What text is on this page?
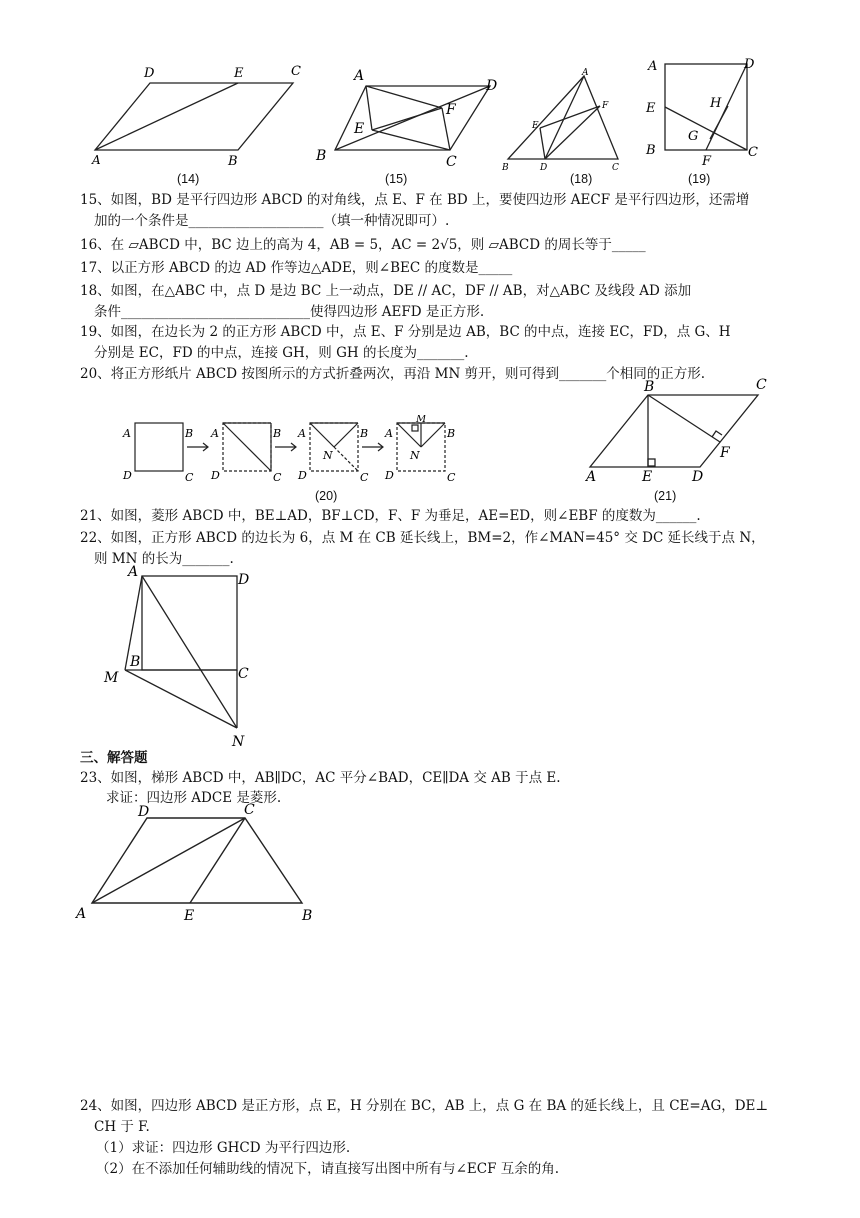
D	E	C
A	B
(14)
A
D
F
E
B	C
(15)
A
F
E
B	D	C
(18)
A	D
E	H
G
B	C
F
(19)
15、如图，BD 是平行四边形 ABCD 的对角线，点 E、F 在 BD 上，要使四边形 AECF 是平行四边形，还需增
加的一个条件是____________________（填一种情况即可）.
16、在 ▱ABCD 中，BC 边上的高为 4，AB = 5，AC = 2√5，则 ▱ABCD 的周长等于_____
17、以正方形 ABCD 的边 AD 作等边△ADE，则∠BEC 的度数是_____
18、如图，在△ABC 中，点 D 是边 BC 上一动点，DE // AC，DF // AB，对△ABC 及线段 AD 添加
条件____________________________使得四边形 AEFD 是正方形.
19、如图，在边长为 2 的正方形 ABCD 中，点 E、F 分别是边 AB，BC 的中点，连接 EC，FD，点 G、H
分别是 EC，FD 的中点，连接 GH，则 GH 的长度为_______.
20、将正方形纸片 ABCD 按图所示的方式折叠两次，再沿 MN 剪开，则可得到_______个相同的正方形.
A	B
D	C
A	B
D	C
A	B
N
D	C
A	B
M
N
D	C
(20)
B	C
F
A	E	D
(21)
21、如图，菱形 ABCD 中，BE⊥AD，BF⊥CD，F、F 为垂足，AE=ED，则∠EBF 的度数为______.
22、如图，正方形 ABCD 的边长为 6，点 M 在 CB 延长线上，BM=2，作∠MAN=45° 交 DC 延长线于点 N，
则 MN 的长为_______.
A	D
B
C
M
N
三、解答题
23、如图，梯形 ABCD 中，AB∥DC，AC 平分∠BAD，CE∥DA 交 AB 于点 E.
求证：四边形 ADCE 是菱形.
D	C
A	E	B
24、如图，四边形 ABCD 是正方形，点 E，H 分别在 BC，AB 上，点 G 在 BA 的延长线上，且 CE=AG，DE⊥
CH 于 F.
（1）求证：四边形 GHCD 为平行四边形.
（2）在不添加任何辅助线的情况下，请直接写出图中所有与∠ECF 互余的角.
